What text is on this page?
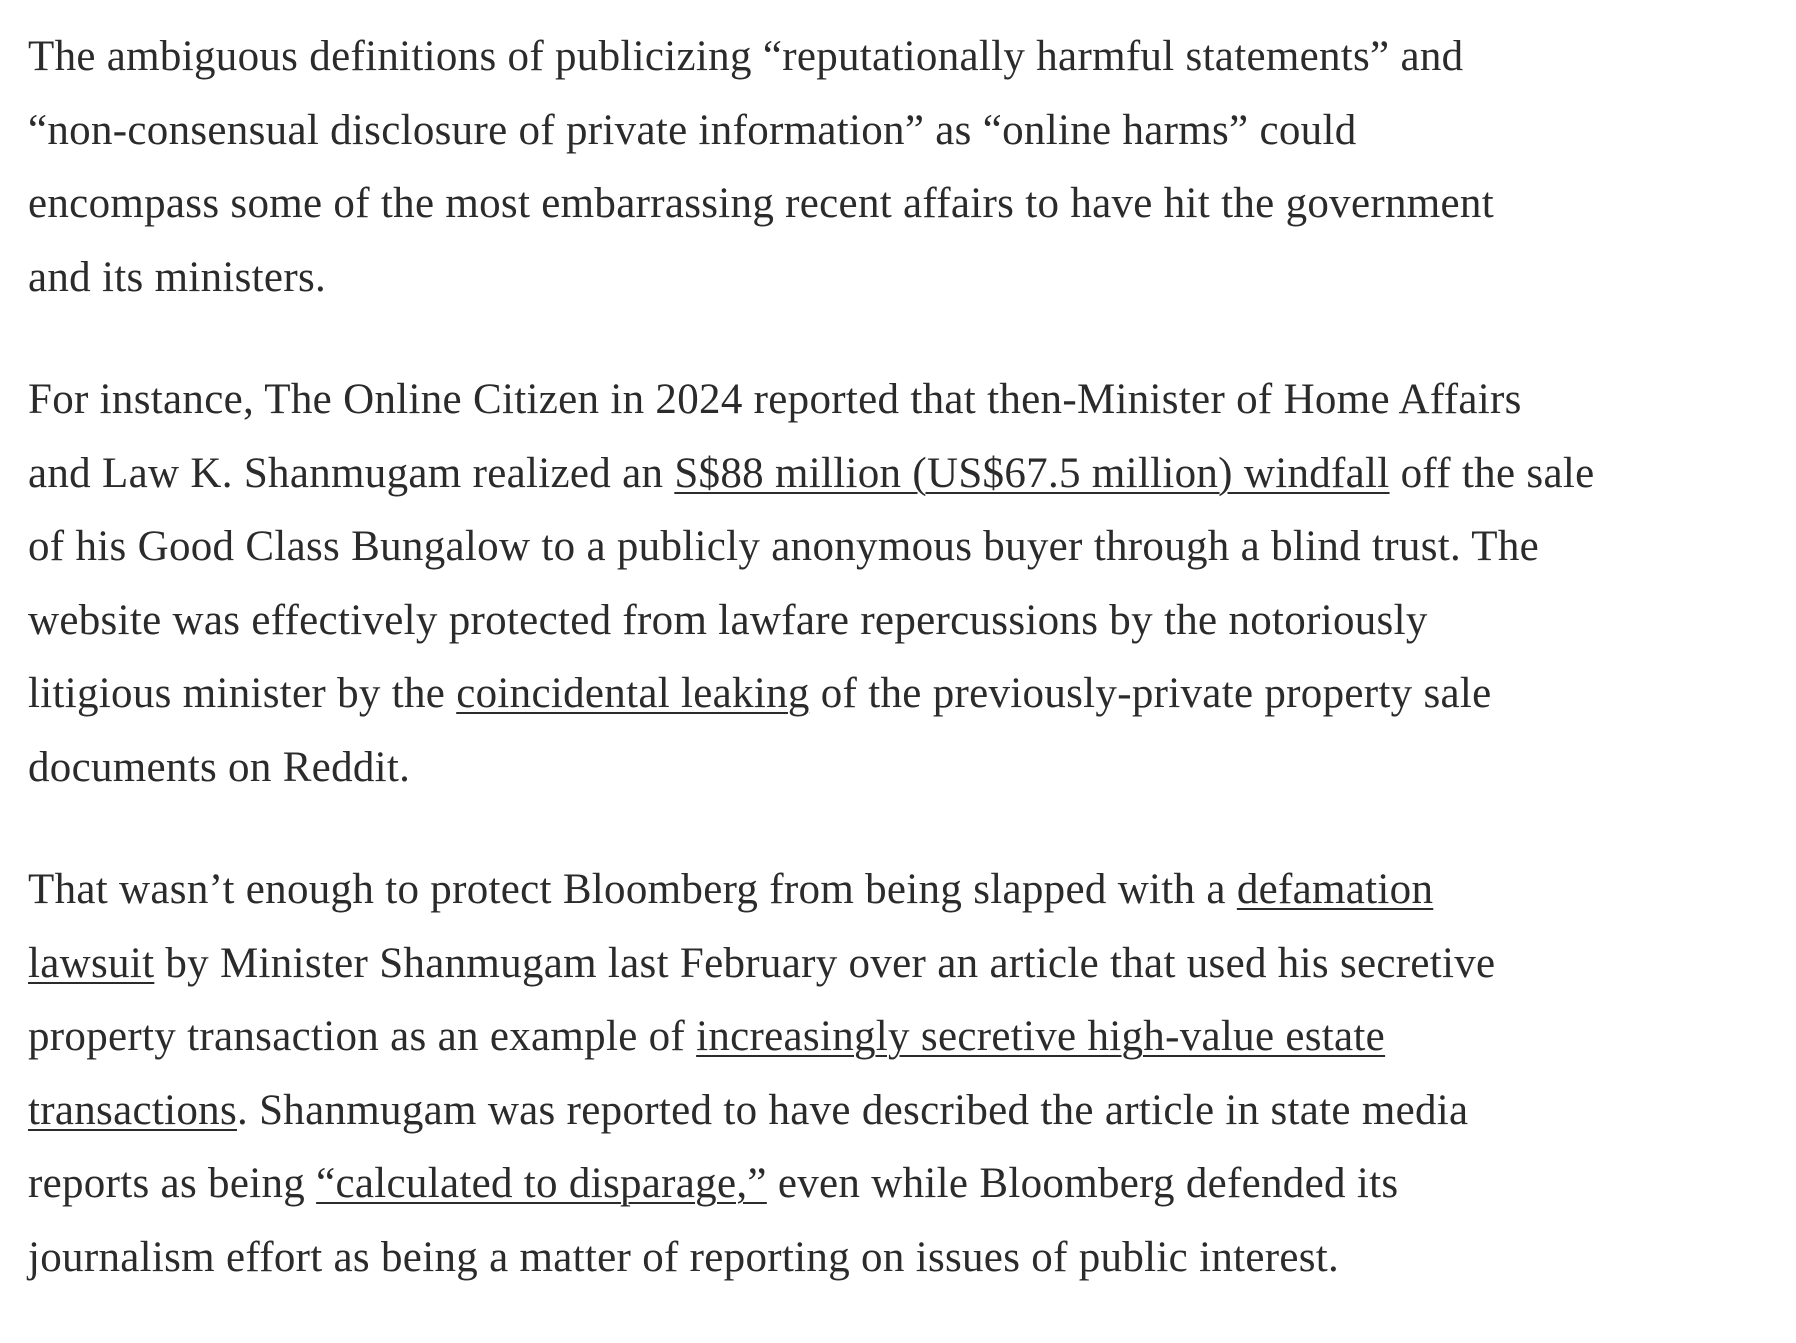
The ambiguous definitions of publicizing “reputationally harmful statements” and
“non-consensual disclosure of private information” as “online harms” could
encompass some of the most embarrassing recent affairs to have hit the government
and its ministers.

For instance, The Online Citizen in 2024 reported that then-Minister of Home Affairs
and Law K. Shanmugam realized an S$88 million (US$67.5 million) windfall off the sale
of his Good Class Bungalow to a publicly anonymous buyer through a blind trust. The
website was effectively protected from lawfare repercussions by the notoriously
litigious minister by the coincidental leaking of the previously-private property sale
documents on Reddit.

That wasn’t enough to protect Bloomberg from being slapped with a defamation
lawsuit by Minister Shanmugam last February over an article that used his secretive
property transaction as an example of increasingly secretive high-value estate
transactions. Shanmugam was reported to have described the article in state media
reports as being “calculated to disparage,” even while Bloomberg defended its
journalism effort as being a matter of reporting on issues of public interest.
